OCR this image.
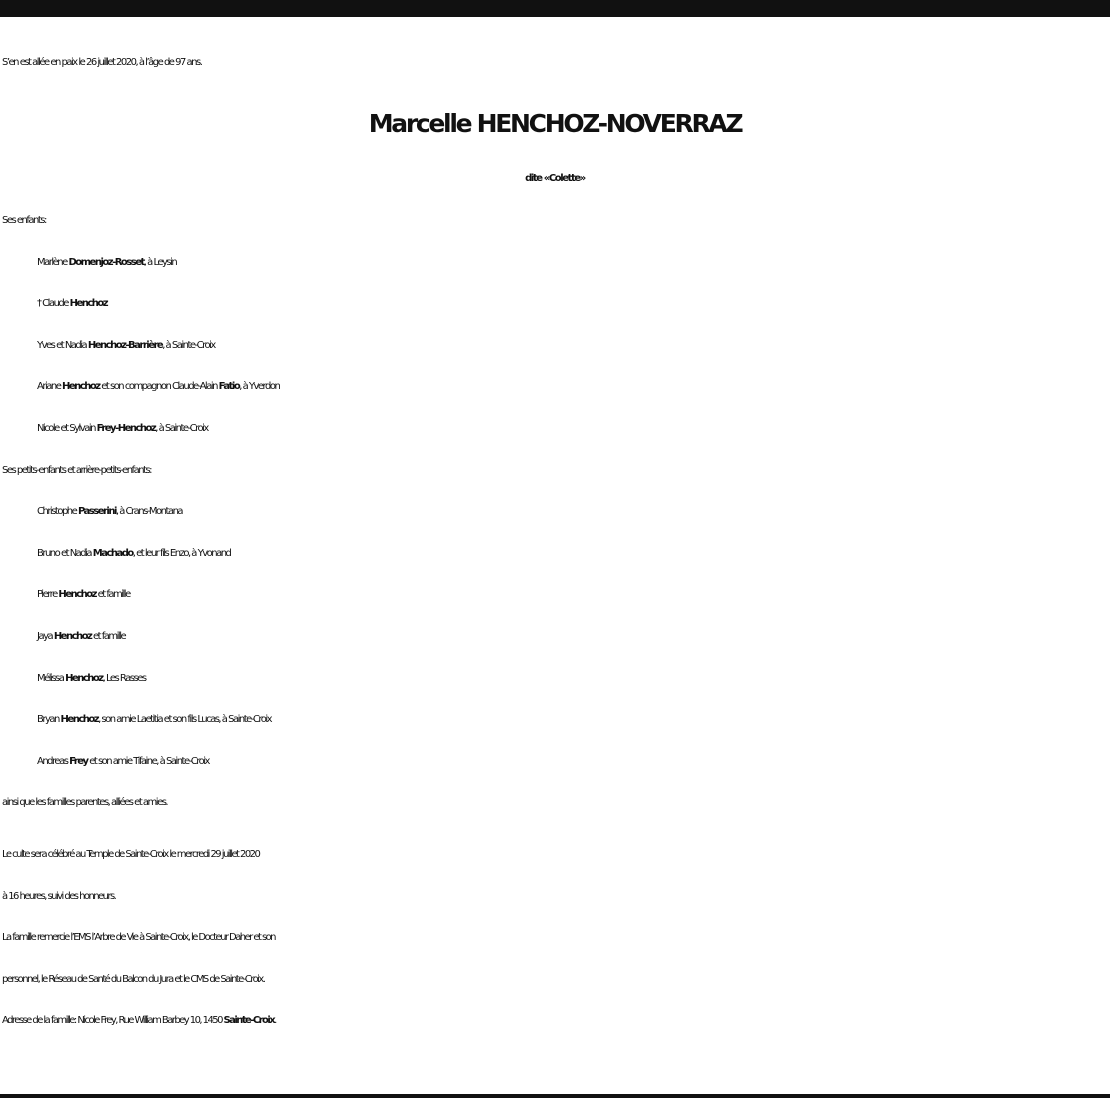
S’en est allée en paix le 26 juillet 2020, à l’âge de 97 ans.

Marcelle HENCHOZ-NOVERRAZ

dite «Colette»

Ses enfants:

Marlène Domenjoz-Rosset, à Leysin

† Claude Henchoz

Yves et Nadia Henchoz-Barrière, à Sainte-Croix

Ariane Henchoz et son compagnon Claude-Alain Fatio, à Yverdon

Nicole et Sylvain Frey-Henchoz, à Sainte-Croix

Ses petits-enfants et arrière-petits-enfants:

Christophe Passerini, à Crans-Montana

Bruno et Nadia Machado, et leur fils Enzo, à Yvonand

Pierre Henchoz et famille

Jaya Henchoz et famille

Mélissa Henchoz, Les Rasses

Bryan Henchoz, son amie Laetitia et son fils Lucas, à Sainte-Croix

Andreas Frey et son amie Tifaine, à Sainte-Croix

ainsi que les familles parentes, alliées et amies.

Le culte sera célébré au Temple de Sainte-Croix le mercredi 29 juillet 2020

à 16 heures, suivi des honneurs.

La famille remercie l’EMS l’Arbre de Vie à Sainte-Croix, le Docteur Daher et son

personnel, le Réseau de Santé du Balcon du Jura et le CMS de Sainte-Croix.

Adresse de la famille: Nicole Frey, Rue William Barbey 10, 1450 Sainte-Croix.
